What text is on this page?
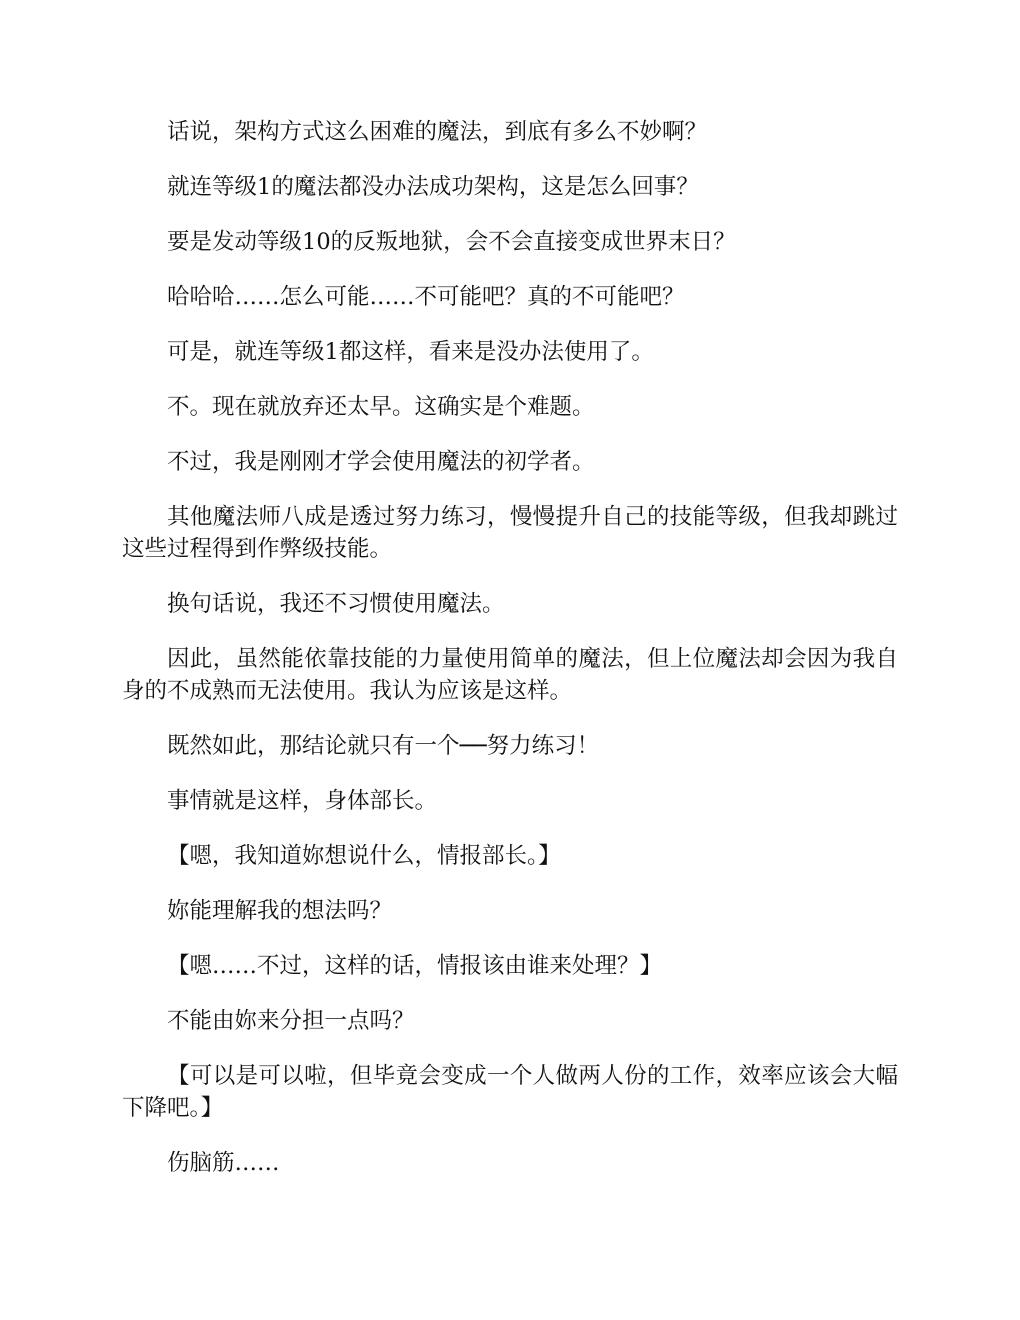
话说，架构方式这么困难的魔法，到底有多么不妙啊？

就连等级1的魔法都没办法成功架构，这是怎么回事？

要是发动等级10的反叛地狱，会不会直接变成世界末日？

哈哈哈……怎么可能……不可能吧？真的不可能吧？

可是，就连等级1都这样，看来是没办法使用了。

不。现在就放弃还太早。这确实是个难题。

不过，我是刚刚才学会使用魔法的初学者。

其他魔法师八成是透过努力练习，慢慢提升自己的技能等级，但我却跳过这些过程得到作弊级技能。

换句话说，我还不习惯使用魔法。

因此，虽然能依靠技能的力量使用简单的魔法，但上位魔法却会因为我自身的不成熟而无法使用。我认为应该是这样。

既然如此，那结论就只有一个──努力练习！

事情就是这样，身体部长。

【嗯，我知道妳想说什么，情报部长。】

妳能理解我的想法吗？

【嗯……不过，这样的话，情报该由谁来处理？】

不能由妳来分担一点吗？

【可以是可以啦，但毕竟会变成一个人做两人份的工作，效率应该会大幅下降吧。】

伤脑筋……
